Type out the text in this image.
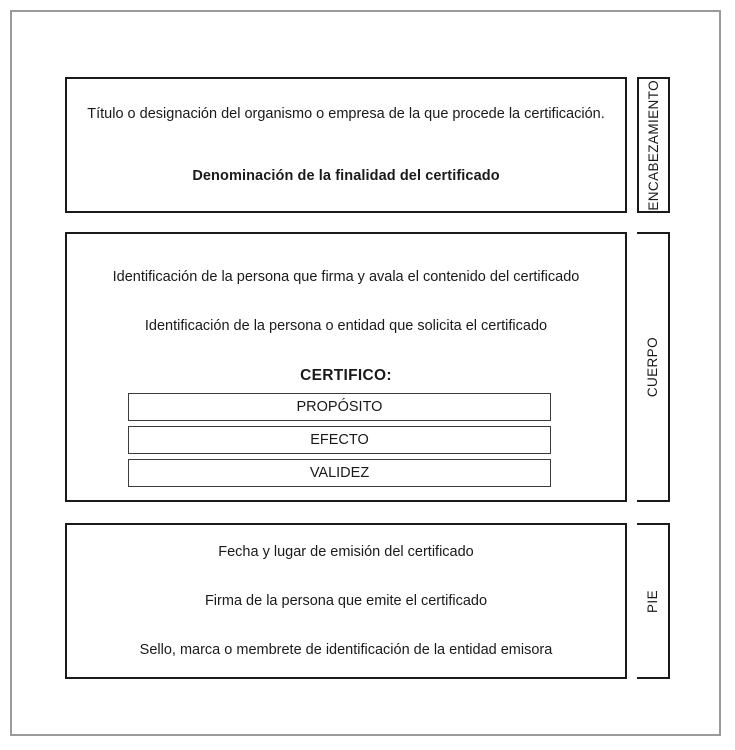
Título o designación del organismo o empresa de la que procede la certificación.
Denominación de la finalidad del certificado	ENCABEZAMIENTO
Identificación de la persona que firma y avala el contenido del certificado
Identificación de la persona o entidad que solicita el certificado
CERTIFICO:
PROPÓSITO
EFECTO
VALIDEZ
CUERPO
Fecha y lugar de emisión del certificado
Firma de la persona que emite el certificado
Sello, marca o membrete de identificación de la entidad emisora
PIE
